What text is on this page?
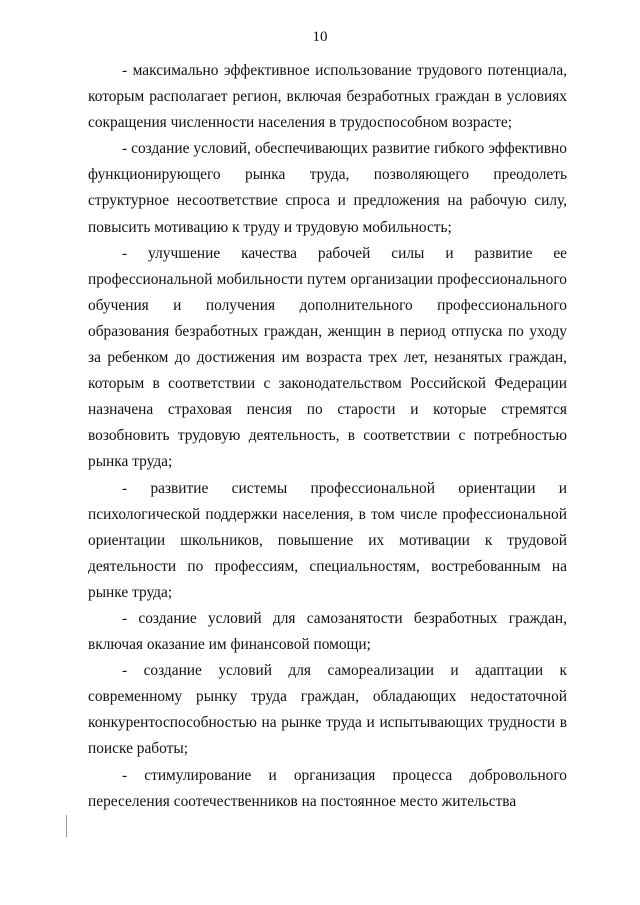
10

- максимально эффективное использование трудового потенциала, которым располагает регион, включая безработных граждан в условиях сокращения численности населения в трудоспособном возрасте;

- создание условий, обеспечивающих развитие гибкого эффективно функционирующего рынка труда, позволяющего преодолеть структурное несоответствие спроса и предложения на рабочую силу, повысить мотивацию к труду и трудовую мобильность;

- улучшение качества рабочей силы и развитие ее профессиональной мобильности путем организации профессионального обучения и получения дополнительного профессионального образования безработных граждан, женщин в период отпуска по уходу за ребенком до достижения им возраста трех лет, незанятых граждан, которым в соответствии с законодательством Российской Федерации назначена страховая пенсия по старости и которые стремятся возобновить трудовую деятельность, в соответствии с потребностью рынка труда;

- развитие системы профессиональной ориентации и психологической поддержки населения, в том числе профессиональной ориентации школьников, повышение их мотивации к трудовой деятельности по профессиям, специальностям, востребованным на рынке труда;

- создание условий для самозанятости безработных граждан, включая оказание им финансовой помощи;

- создание условий для самореализации и адаптации к современному рынку труда граждан, обладающих недостаточной конкурентоспособностью на рынке труда и испытывающих трудности в поиске работы;

- стимулирование и организация процесса добровольного переселения соотечественников на постоянное место жительства
